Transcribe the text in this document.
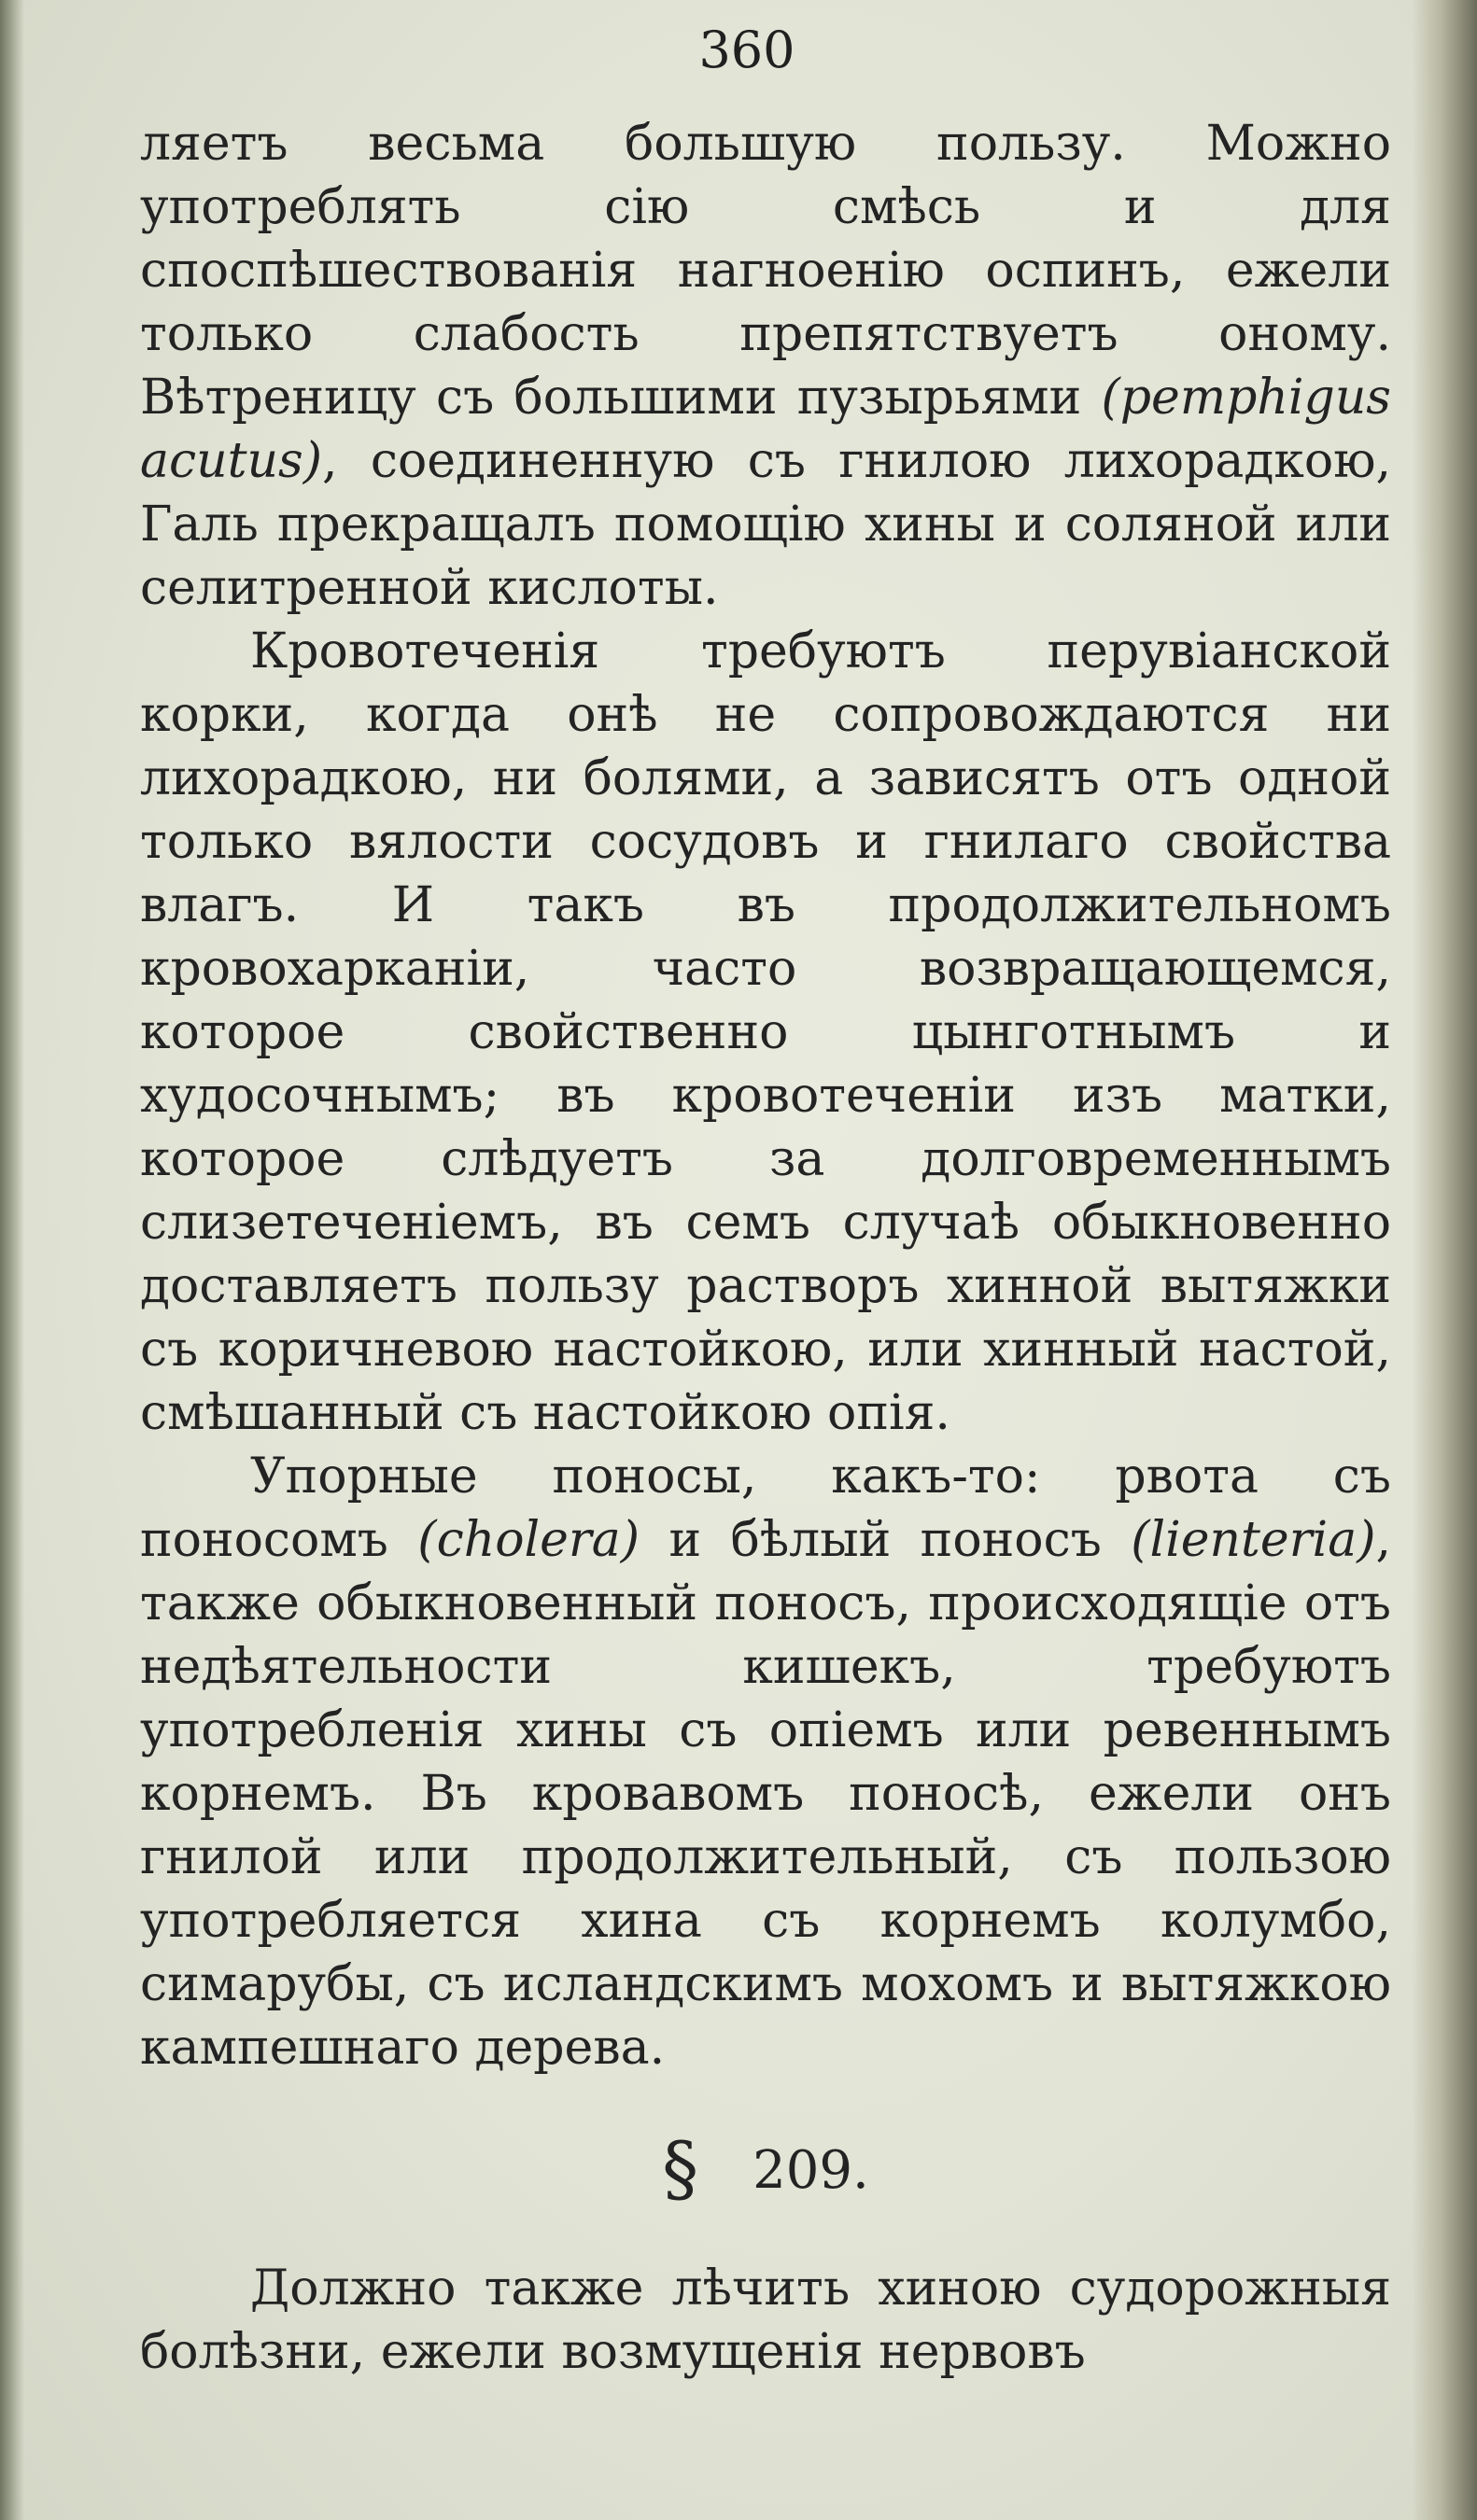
360

ляетъ весьма большую пользу. Можно употреблять сію смѣсь и для споспѣшествованія нагноенію оспинъ, ежели только слабость препятствуетъ оному. Вѣтреницу съ большими пузырьями (pemphigus acutus), соединенную съ гнилою лихорадкою, Галь прекращалъ помощію хины и соляной или селитренной кислоты.

Кровотеченія требуютъ перувіанской корки, когда онѣ не сопровождаются ни лихорадкою, ни болями, а зависятъ отъ одной только вялости сосудовъ и гнилаго свойства влагъ. И такъ въ продолжительномъ кровохарканіи, часто возвращающемся, которое свойственно цынготнымъ и худосочнымъ; въ кровотеченіи изъ матки, которое слѣдуетъ за долговременнымъ слизетеченіемъ, въ семъ случаѣ обыкновенно доставляетъ пользу растворъ хинной вытяжки съ коричневою настойкою, или хинный настой, смѣшанный съ настойкою опія.

Упорные поносы, какъ-то: рвота съ поносомъ (cholera) и бѣлый поносъ (lienteria), также обыкновенный поносъ, происходящіе отъ недѣятельности кишекъ, требуютъ употребленія хины съ опіемъ или ревеннымъ корнемъ. Въ кровавомъ поносѣ, ежели онъ гнилой или продолжительный, съ пользою употребляется хина съ корнемъ колумбо, симарубы, съ исландскимъ мохомъ и вытяжкою кампешнаго дерева.

§ 209.

Должно также лѣчить хиною судорожныя болѣзни, ежели возмущенія нервовъ
